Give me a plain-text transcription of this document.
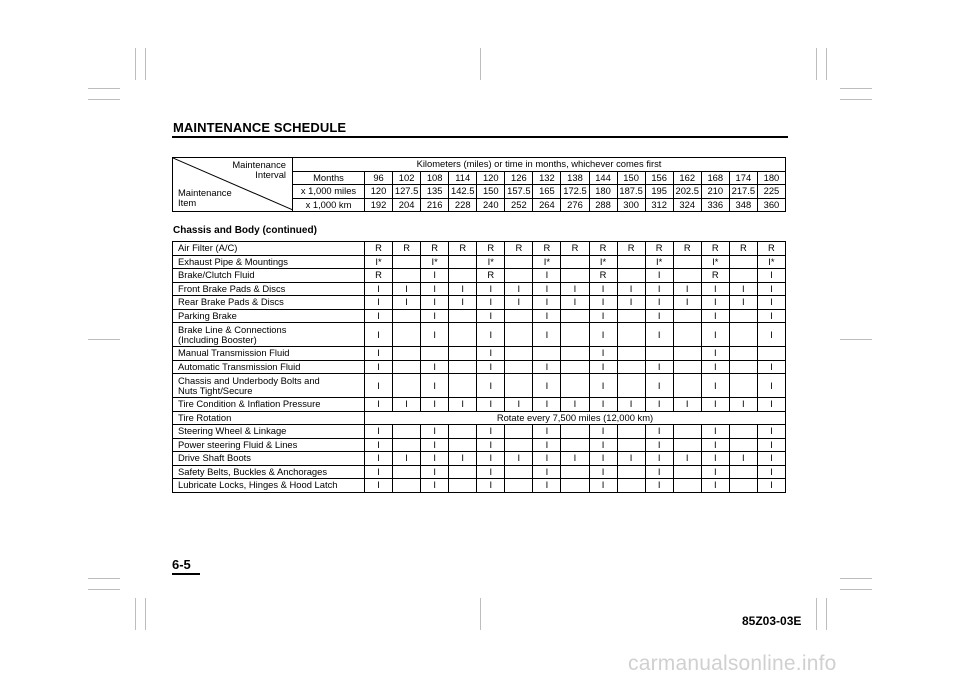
MAINTENANCE SCHEDULE
Maintenance
Interval
Maintenance
Item	Kilometers (miles) or time in months, whichever comes first															
	Months	96	102	108	114	120	126	132	138	144	150	156	162	168	174	180
	x 1,000 miles	120	127.5	135	142.5	150	157.5	165	172.5	180	187.5	195	202.5	210	217.5	225
	x 1,000 km	192	204	216	228	240	252	264	276	288	300	312	324	336	348	360
Chassis and Body (continued)
Air Filter (A/C)	R	R	R	R	R	R	R	R	R	R	R	R	R	R	R
Exhaust Pipe & Mountings	I*		I*		I*		I*		I*		I*		I*		I*
Brake/Clutch Fluid	R		I		R		I		R		I		R		I
Front Brake Pads & Discs	I	I	I	I	I	I	I	I	I	I	I	I	I	I	I
Rear Brake Pads & Discs	I	I	I	I	I	I	I	I	I	I	I	I	I	I	I
Parking Brake	I		I		I		I		I		I		I		I

Brake Line & Connections
(Including Booster)	I		I		I		I		I		I		I		I
Manual Transmission Fluid	I				I				I				I		
Automatic Transmission Fluid	I		I		I		I		I		I		I		I

Chassis and Underbody Bolts and
Nuts Tight/Secure	I		I		I		I		I		I		I		I
Tire Condition & Inflation Pressure	I	I	I	I	I	I	I	I	I	I	I	I	I	I	I
Tire Rotation	Rotate every 7,500 miles (12,000 km)														
Steering Wheel & Linkage	I		I		I		I		I		I		I		I
Power steering Fluid & Lines	I		I		I		I		I		I		I		I
Drive Shaft Boots	I	I	I	I	I	I	I	I	I	I	I	I	I	I	I
Safety Belts, Buckles & Anchorages	I		I		I		I		I		I		I		I
Lubricate Locks, Hinges & Hood Latch	I		I		I		I		I		I		I		I
6-5
85Z03-03E
carmanualsonline.info
